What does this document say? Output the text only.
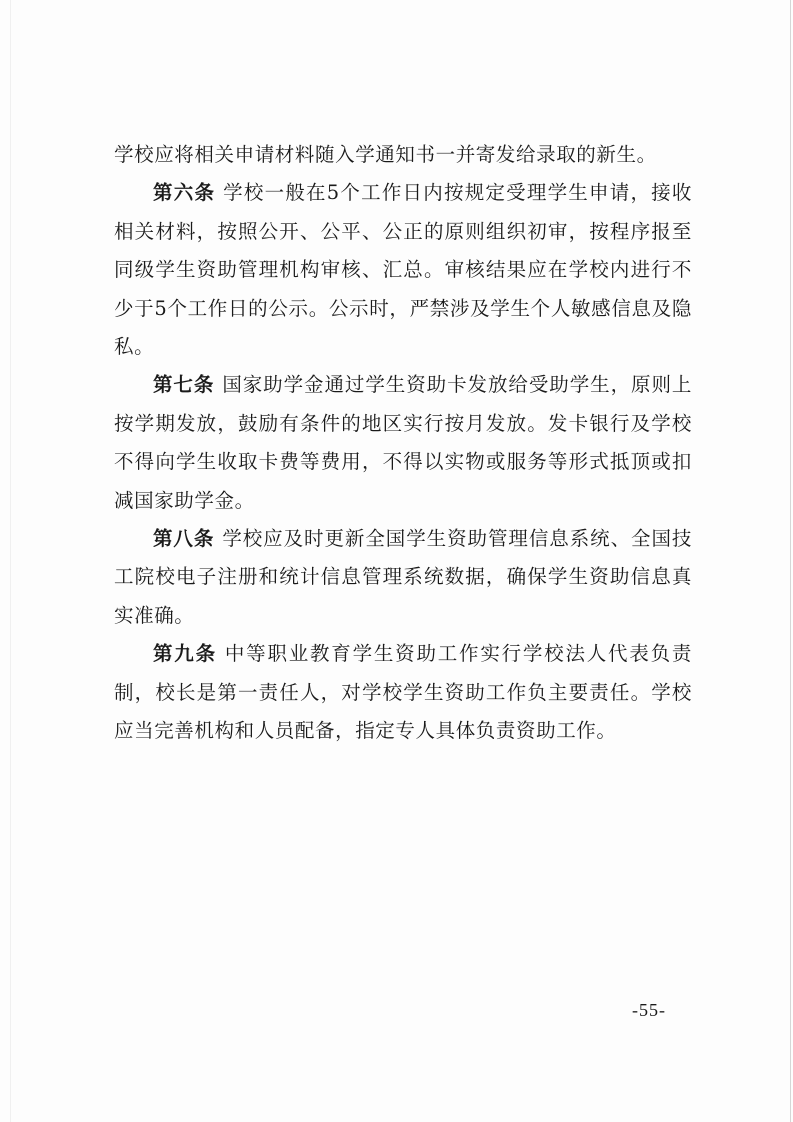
学校应将相关申请材料随入学通知书一并寄发给录取的新生。

第六条 学校一般在5个工作日内按规定受理学生申请，接收相关材料，按照公开、公平、公正的原则组织初审，按程序报至同级学生资助管理机构审核、汇总。审核结果应在学校内进行不少于5个工作日的公示。公示时，严禁涉及学生个人敏感信息及隐私。

第七条 国家助学金通过学生资助卡发放给受助学生，原则上按学期发放，鼓励有条件的地区实行按月发放。发卡银行及学校不得向学生收取卡费等费用，不得以实物或服务等形式抵顶或扣减国家助学金。

第八条 学校应及时更新全国学生资助管理信息系统、全国技工院校电子注册和统计信息管理系统数据，确保学生资助信息真实准确。

第九条 中等职业教育学生资助工作实行学校法人代表负责制，校长是第一责任人，对学校学生资助工作负主要责任。学校应当完善机构和人员配备，指定专人具体负责资助工作。

-55-
